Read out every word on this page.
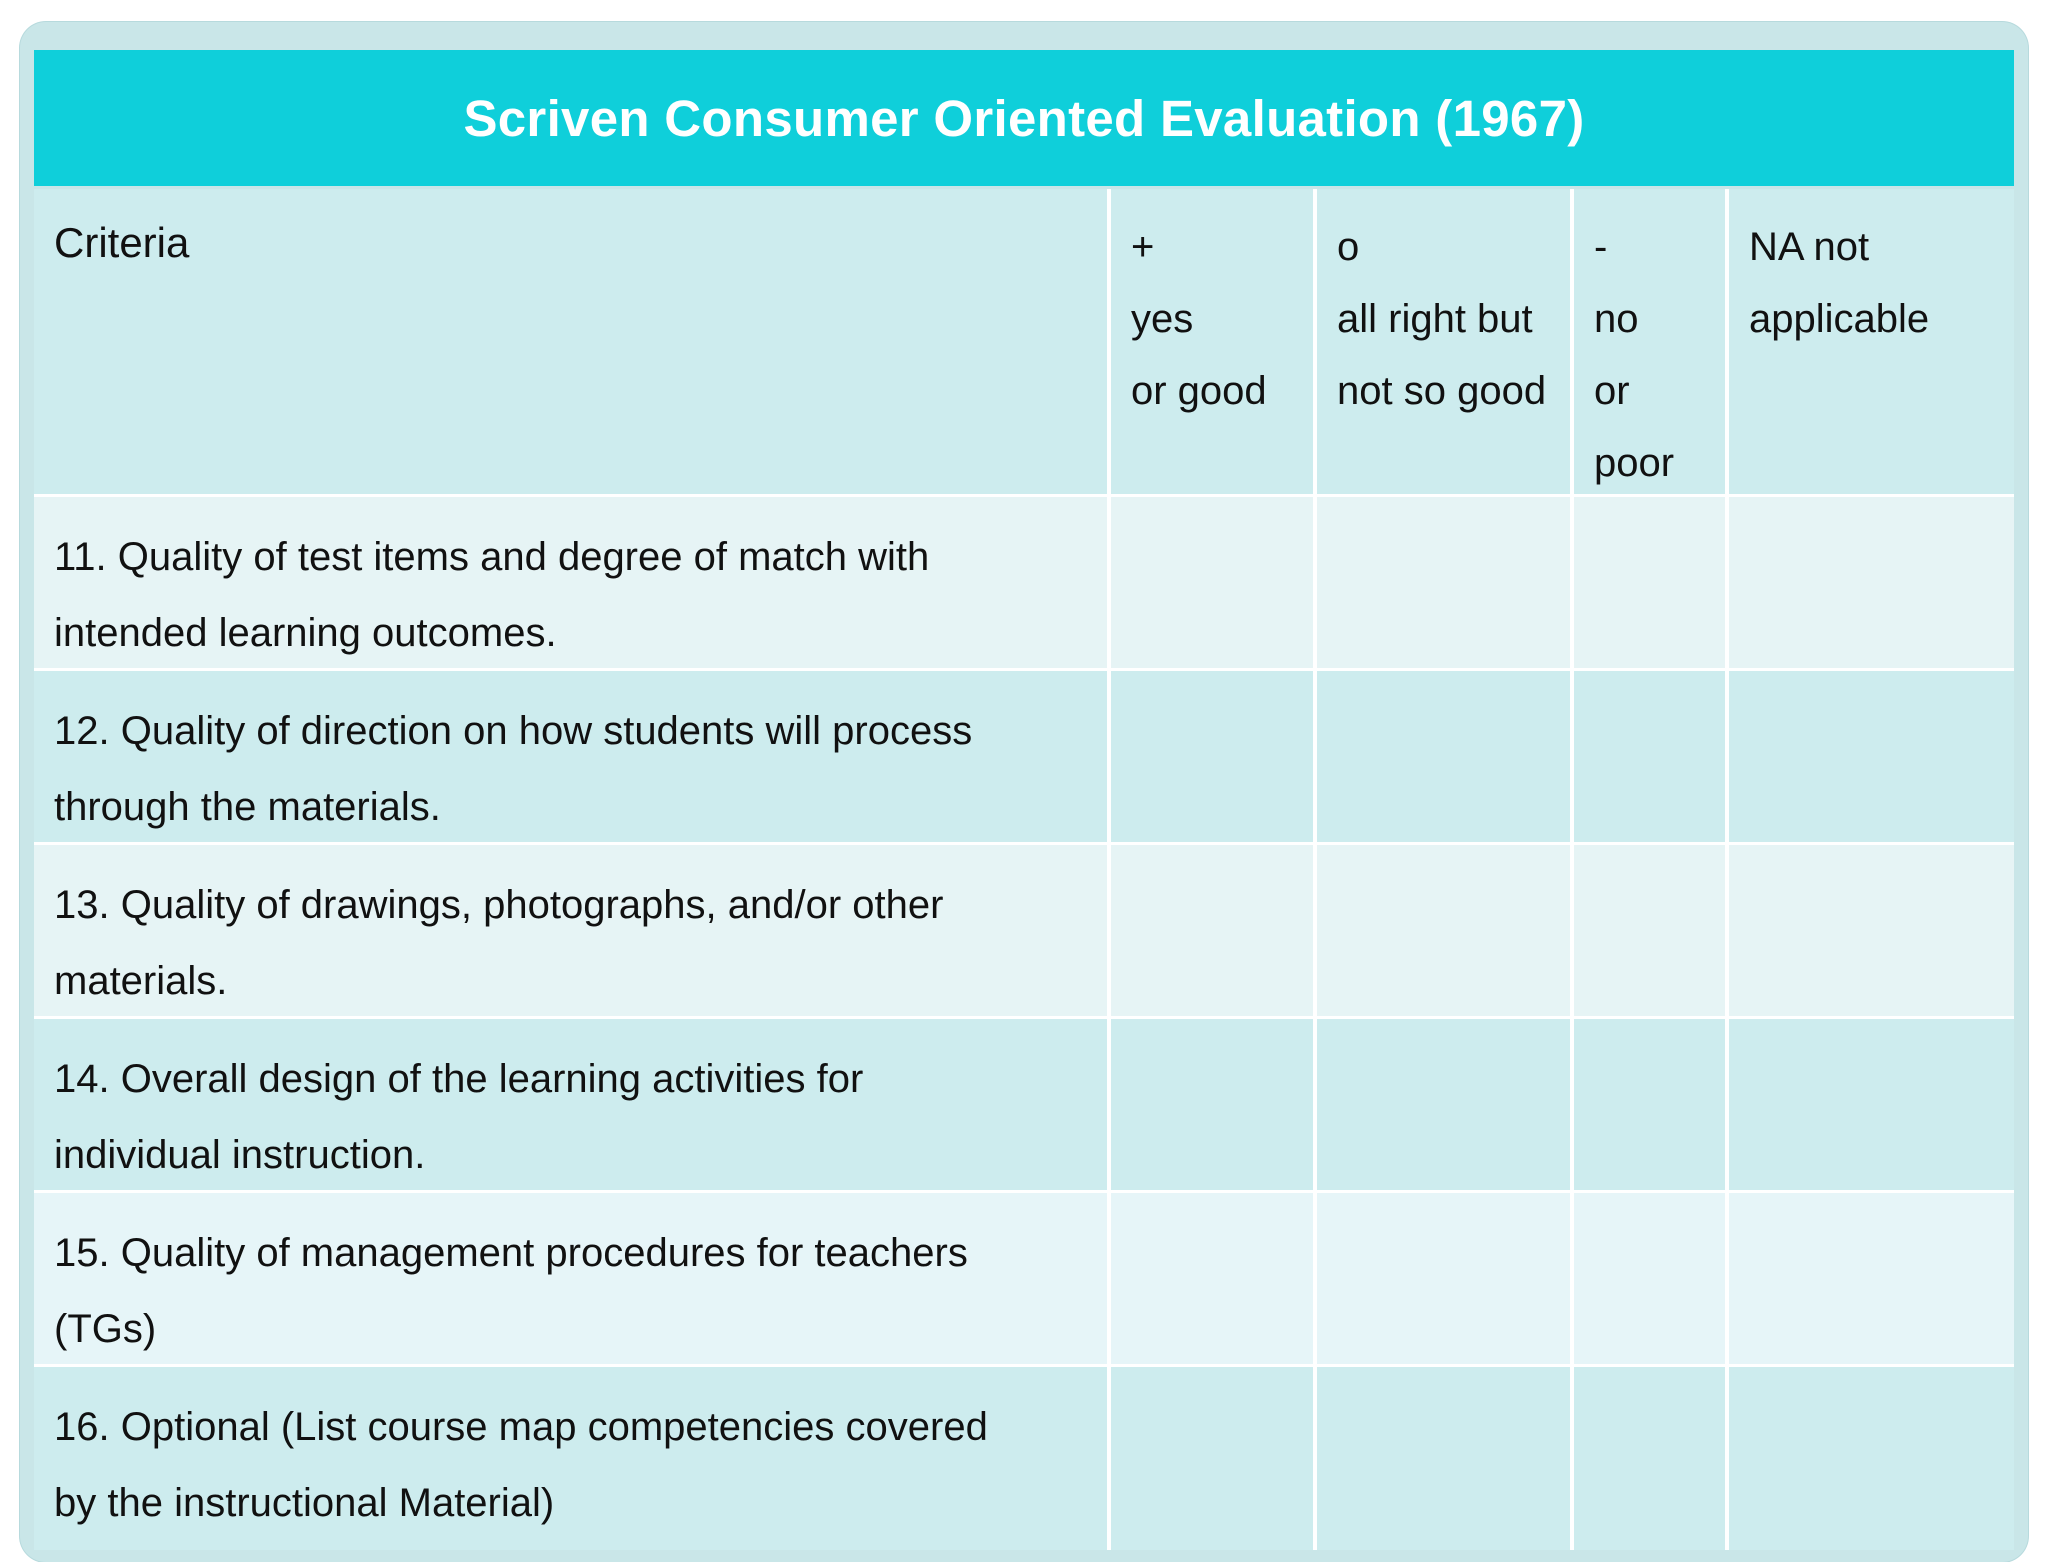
Scriven Consumer Oriented Evaluation (1967)
Criteria	+
yes
or good
o
all right but
not so good
-
no
or
poor
NA not
applicable
11. Quality of test items and degree of match with
intended learning outcomes.
12. Quality of direction on how students will process
through the materials.
13. Quality of drawings, photographs, and/or other
materials.
14. Overall design of the learning activities for
individual instruction.
15. Quality of management procedures for teachers
(TGs)
16. Optional (List course map competencies covered
by the instructional Material)
